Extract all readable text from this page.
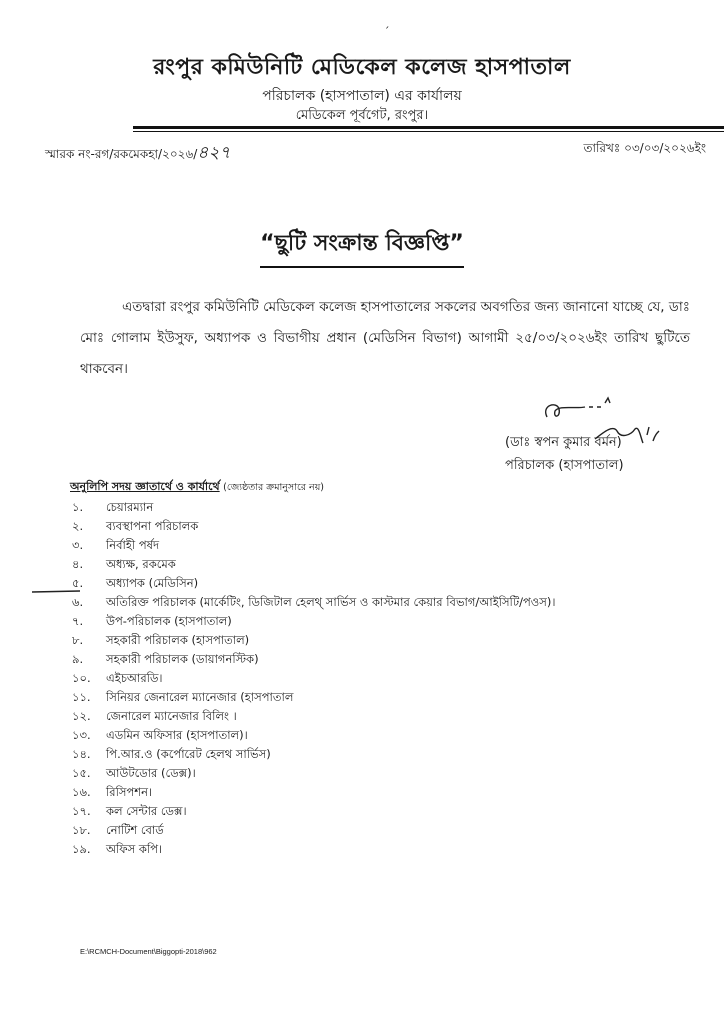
ˏ
রংপুর কমিউনিটি মেডিকেল কলেজ হাসপাতাল
পরিচালক (হাসপাতাল) এর কার্যালয়
মেডিকেল পূর্বগেট, রংপুর।
স্মারক নং-রগ/রকমেকহা/২০২৬/৪২৭	তারিখঃ ০৩/০৩/২০২৬ইং
“ছুটি সংক্রান্ত বিজ্ঞপ্তি”
এতদ্বারা রংপুর কমিউনিটি মেডিকেল কলেজ হাসপাতালের সকলের অবগতির জন্য জানানো যাচ্ছে যে, ডাঃ মোঃ গোলাম ইউসুফ, অধ্যাপক ও বিভাগীয় প্রধান (মেডিসিন বিভাগ) আগামী ২৫/০৩/২০২৬ইং তারিখ ছুটিতে থাকবেন।
(ডাঃ স্বপন কুমার বর্মন)
পরিচালক (হাসপাতাল)
অনুলিপি সদয় জ্ঞাতার্থে ও কার্যার্থে (জ্যেষ্ঠতার ক্রমানুসারে নয়)
১. চেয়ারম্যান
২. ব্যবস্থাপনা পরিচালক
৩. নির্বাহী পর্ষদ
৪. অধ্যক্ষ, রকমেক
৫. অধ্যাপক (মেডিসিন)
৬. অতিরিক্ত পরিচালক (মার্কেটিং, ডিজিটাল হেলথ্ সার্ভিস ও কাস্টমার কেয়ার বিভাগ/আইসিটি/পওস)।
৭. উপ-পরিচালক (হাসপাতাল)
৮. সহকারী পরিচালক (হাসপাতাল)
৯. সহকারী পরিচালক (ডায়াগনস্টিক)
১০. এইচআরডি।
১১. সিনিয়র জেনারেল ম্যানেজার (হাসপাতাল
১২. জেনারেল ম্যানেজার বিলিং ।
১৩. এডমিন অফিসার (হাসপাতাল)।
১৪. পি.আর.ও (কর্পোরেট হেলথ সার্ভিস)
১৫. আউটডোর (ডেক্স)।
১৬. রিসিপশন।
১৭. কল সেন্টার ডেক্স।
১৮. নোটিশ বোর্ড
১৯. অফিস কপি।
E:\RCMCH-Document\Biggopti-2018\962
